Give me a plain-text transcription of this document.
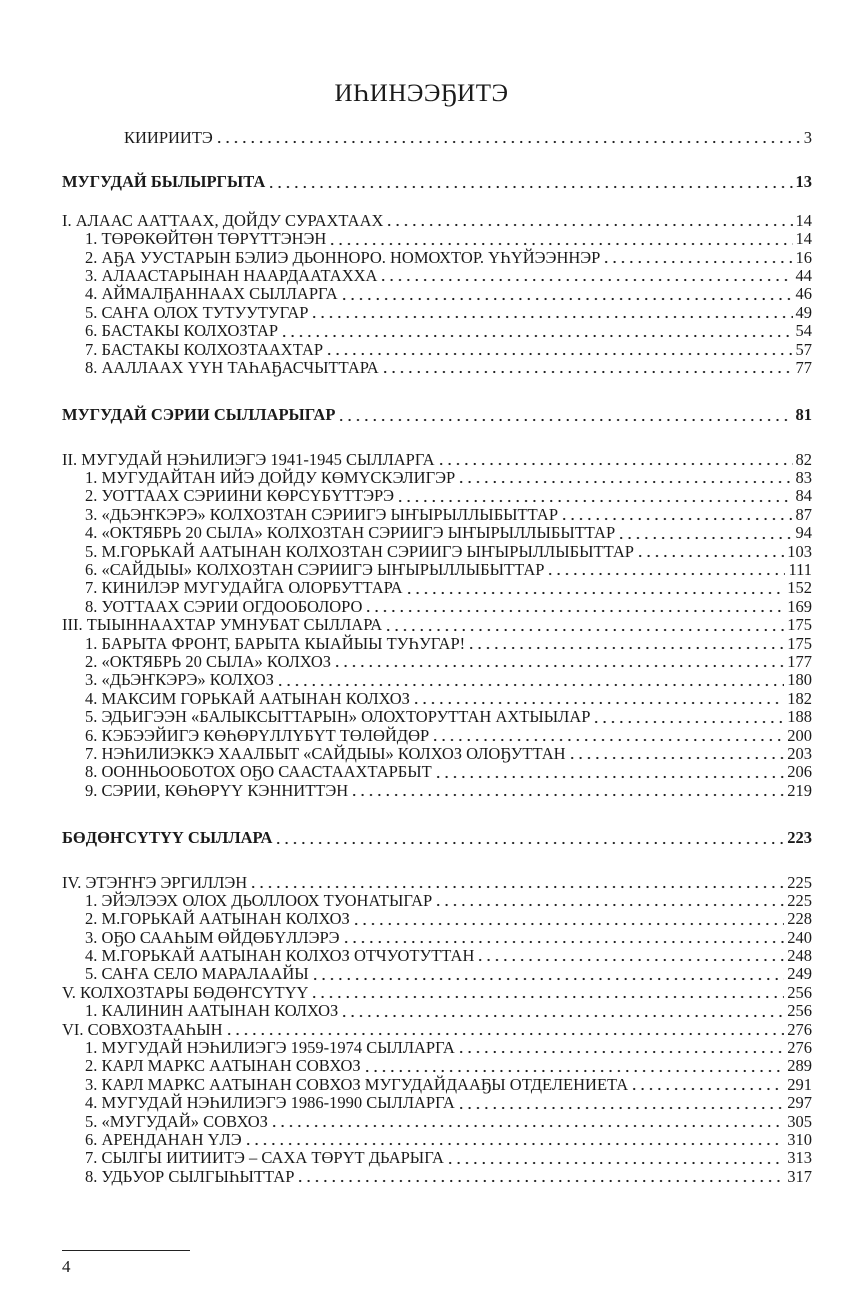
ИҺИНЭЭҔИТЭ
КИИРИИТЭ	3
МУГУДАЙ БЫЛЫРГЫТА	13
I. АЛААС ААТТААХ, ДОЙДУ СУРАХТААХ	14
1. ТӨРӨКӨЙТӨН ТӨРҮТТЭНЭН	14
2. АҔА УУСТАРЫН БЭЛИЭ ДЬОННОРО. НОМОХТОР. ҮҺҮЙЭЭННЭР	16
3. АЛААСТАРЫНАН НААРДААТАХХА	44
4. АЙМАЛҔАННААХ СЫЛЛАРГА	46
5. САҤА ОЛОХ ТУТУУТУГАР	49
6. БАСТАКЫ КОЛХОЗТАР	54
7. БАСТАКЫ КОЛХОЗТААХТАР	57
8. ААЛЛААХ ҮҮН ТАҺАҔАСЧЫТТАРА	77
МУГУДАЙ СЭРИИ СЫЛЛАРЫГАР	81
II. МУГУДАЙ НЭҺИЛИЭГЭ 1941-1945 СЫЛЛАРГА	82
1. МУГУДАЙТАН ИЙЭ ДОЙДУ КӨМҮСКЭЛИГЭР	83
2. УОТТААХ СЭРИИНИ КӨРСҮБҮТТЭРЭ	84
3. «ДЬЭҤКЭРЭ» КОЛХОЗТАН СЭРИИГЭ ЫҤЫРЫЛЛЫБЫТТАР	87
4. «ОКТЯБРЬ 20 СЫЛА» КОЛХОЗТАН СЭРИИГЭ ЫҤЫРЫЛЛЫБЫТТАР	94
5. М.ГОРЬКАЙ ААТЫНАН КОЛХОЗТАН СЭРИИГЭ ЫҤЫРЫЛЛЫБЫТТАР	103
6. «САЙДЫЫ» КОЛХОЗТАН СЭРИИГЭ ЫҤЫРЫЛЛЫБЫТТАР	111
7. КИНИЛЭР МУГУДАЙГА ОЛОРБУТТАРА	152
8. УОТТААХ СЭРИИ ОГДООБОЛОРО	169
III. ТЫЫННААХТАР УМНУБАТ СЫЛЛАРА	175
1. БАРЫТА ФРОНТ, БАРЫТА КЫАЙЫЫ ТУҺУГАР!	175
2. «ОКТЯБРЬ 20 СЫЛА» КОЛХОЗ	177
3. «ДЬЭҤКЭРЭ» КОЛХОЗ	180
4. МАКСИМ ГОРЬКАЙ ААТЫНАН КОЛХОЗ	182
5. ЭДЬИГЭЭН «БАЛЫКСЫТТАРЫН» ОЛОХТОРУТТАН АХТЫЫЛАР	188
6. КЭБЭЭЙИГЭ КӨҺӨРҮЛЛҮБҮТ ТӨЛӨЙДӨР	200
7. НЭҺИЛИЭККЭ ХААЛБЫТ «САЙДЫЫ» КОЛХОЗ ОЛОҔУТТАН	203
8. ООННЬООБОТОХ ОҔО СААСТААХТАРБЫТ	206
9. СЭРИИ, КӨҺӨРҮҮ КЭННИТТЭН	219
БӨДӨҤСҮТҮҮ СЫЛЛАРА	223
IV. ЭТЭҤҤЭ ЭРГИЛЛЭН	225
1. ЭЙЭЛЭЭХ ОЛОХ ДЬОЛЛООХ ТУОНАТЫГАР	225
2. М.ГОРЬКАЙ ААТЫНАН КОЛХОЗ	228
3. ОҔО СААҺЫМ ӨЙДӨБҮЛЛЭРЭ	240
4. М.ГОРЬКАЙ ААТЫНАН КОЛХОЗ ОТЧУОТУТТАН	248
5. САҤА СЕЛО МАРАЛААЙЫ	249
V. КОЛХОЗТАРЫ БӨДӨҤСҮТҮҮ	256
1. КАЛИНИН ААТЫНАН КОЛХОЗ	256
VI. СОВХОЗТААҺЫН	276
1. МУГУДАЙ НЭҺИЛИЭГЭ 1959-1974 СЫЛЛАРГА	276
2. КАРЛ МАРКС ААТЫНАН СОВХОЗ	289
3. КАРЛ МАРКС ААТЫНАН СОВХОЗ МУГУДАЙДААҔЫ ОТДЕЛЕНИЕТА	291
4. МУГУДАЙ НЭҺИЛИЭГЭ 1986-1990 СЫЛЛАРГА	297
5. «МУГУДАЙ» СОВХОЗ	305
6. АРЕНДАНАН ҮЛЭ	310
7. СЫЛГЫ ИИТИИТЭ – САХА ТӨРҮТ ДЬАРЫГА	313
8. УДЬУОР СЫЛГЫҺЫТТАР	317
4
